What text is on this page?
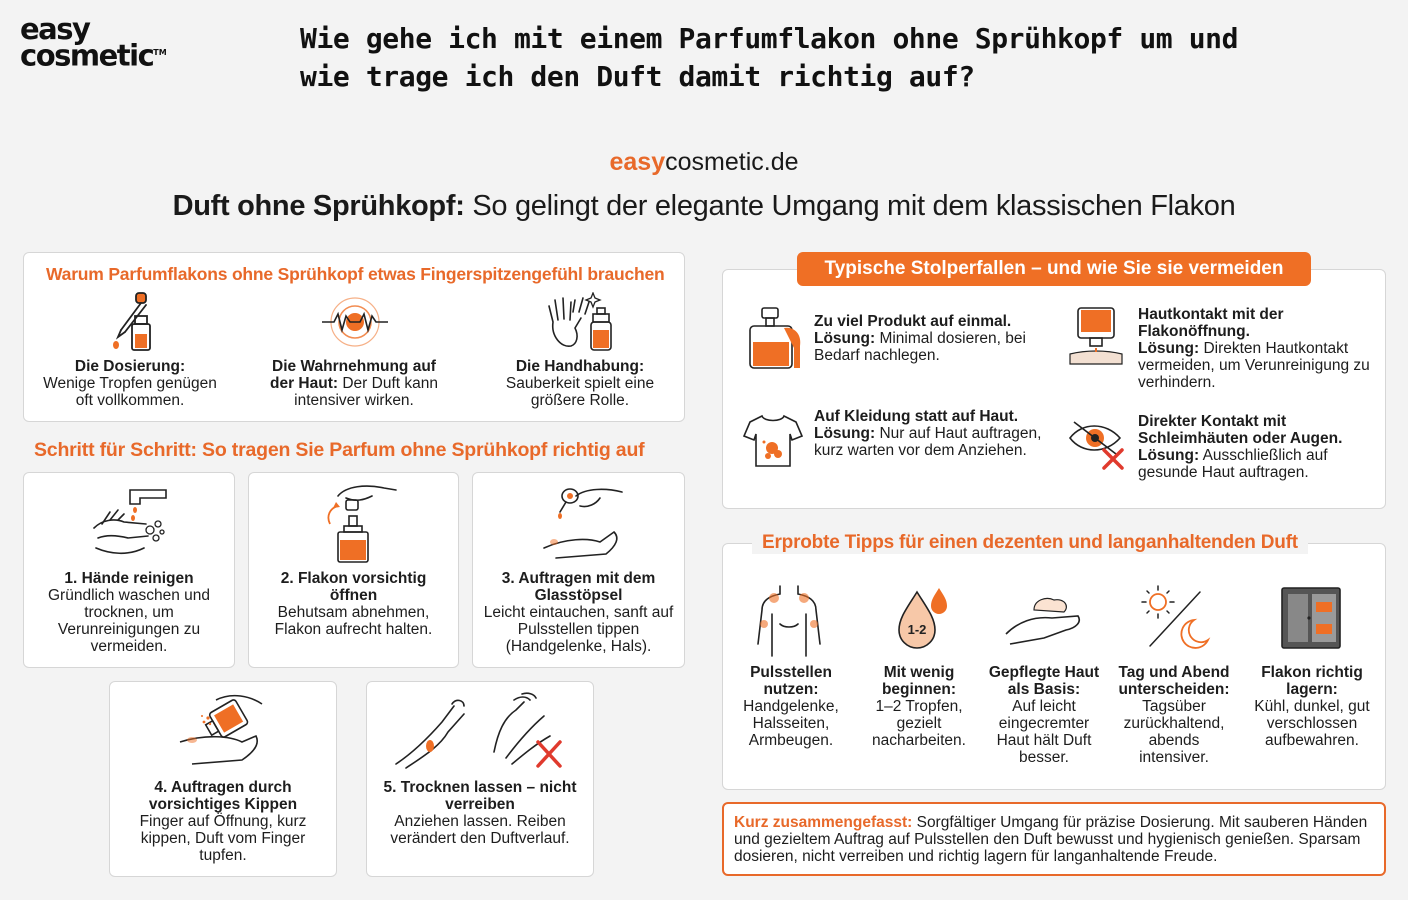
easy
cosmetic™	Wie gehe ich mit einem Parfumflakon ohne Sprühkopf um und wie trage ich den Duft damit richtig auf?
easycosmetic.de
Duft ohne Sprühkopf: So gelingt der elegante Umgang mit dem klassischen Flakon
Warum Parfumflakons ohne Sprühkopf etwas Fingerspitzengefühl brauchen
Die Dosierung:
Wenige Tropfen genügen oft vollkommen.
Die Wahrnehmung auf der Haut: Der Duft kann intensiver wirken.
Die Handhabung:
Sauberkeit spielt eine größere Rolle.
Schritt für Schritt: So tragen Sie Parfum ohne Sprühkopf richtig auf
1. Hände reinigen
Gründlich waschen und trocknen, um Verunreinigungen zu vermeiden.
2. Flakon vorsichtig öffnen
Behutsam abnehmen, Flakon aufrecht halten.
3. Auftragen mit dem Glasstöpsel
Leicht eintauchen, sanft auf Pulsstellen tippen (Handgelenke, Hals).
4. Auftragen durch vorsichtiges Kippen
Finger auf Öffnung, kurz kippen, Duft vom Finger tupfen.
5. Trocknen lassen – nicht verreiben
Anziehen lassen. Reiben verändert den Duftverlauf.
Typische Stolperfallen – und wie Sie sie vermeiden
Zu viel Produkt auf einmal.
Lösung: Minimal dosieren, bei Bedarf nachlegen.
Hautkontakt mit der Flakonöffnung.
Lösung: Direkten Hautkontakt vermeiden, um Verunreinigung zu verhindern.
Auf Kleidung statt auf Haut.
Lösung: Nur auf Haut auftragen, kurz warten vor dem Anziehen.
Direkter Kontakt mit Schleimhäuten oder Augen.
Lösung: Ausschließlich auf gesunde Haut auftragen.
Erprobte Tipps für einen dezenten und langanhaltenden Duft
Pulsstellen nutzen:
Handgelenke, Halsseiten, Armbeugen.
1-2
Mit wenig beginnen:
1–2 Tropfen, gezielt nacharbeiten.
Gepflegte Haut als Basis:
Auf leicht eingecremter Haut hält Duft besser.
Tag und Abend unterscheiden:
Tagsüber zurückhaltend, abends intensiver.
Flakon richtig lagern:
Kühl, dunkel, gut verschlossen aufbewahren.
Kurz zusammengefasst: Sorgfältiger Umgang für präzise Dosierung. Mit sauberen Händen und gezieltem Auftrag auf Pulsstellen den Duft bewusst und hygienisch genießen. Sparsam dosieren, nicht verreiben und richtig lagern für langanhaltende Freude.
